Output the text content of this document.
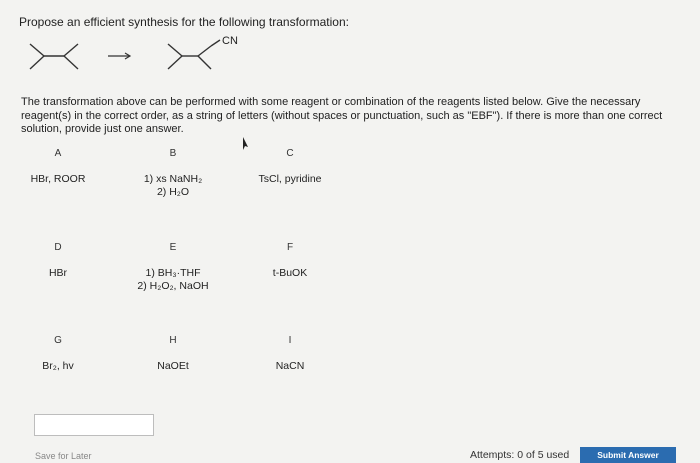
Propose an efficient synthesis for the following transformation:
CN
The transformation above can be performed with some reagent or combination of the reagents listed below. Give the necessary reagent(s) in the correct order, as a string of letters (without spaces or punctuation, such as "EBF"). If there is more than one correct solution, provide just one answer.
A
HBr, ROOR
B
1) xs NaNH₂
2) H₂O
C
TsCl, pyridine
D
HBr
E
1) BH₃·THF
2) H₂O₂, NaOH
F
t-BuOK
G
Br₂, hv
H
NaOEt
I
NaCN
Save for Later	Attempts: 0 of 5 used	Submit Answer
